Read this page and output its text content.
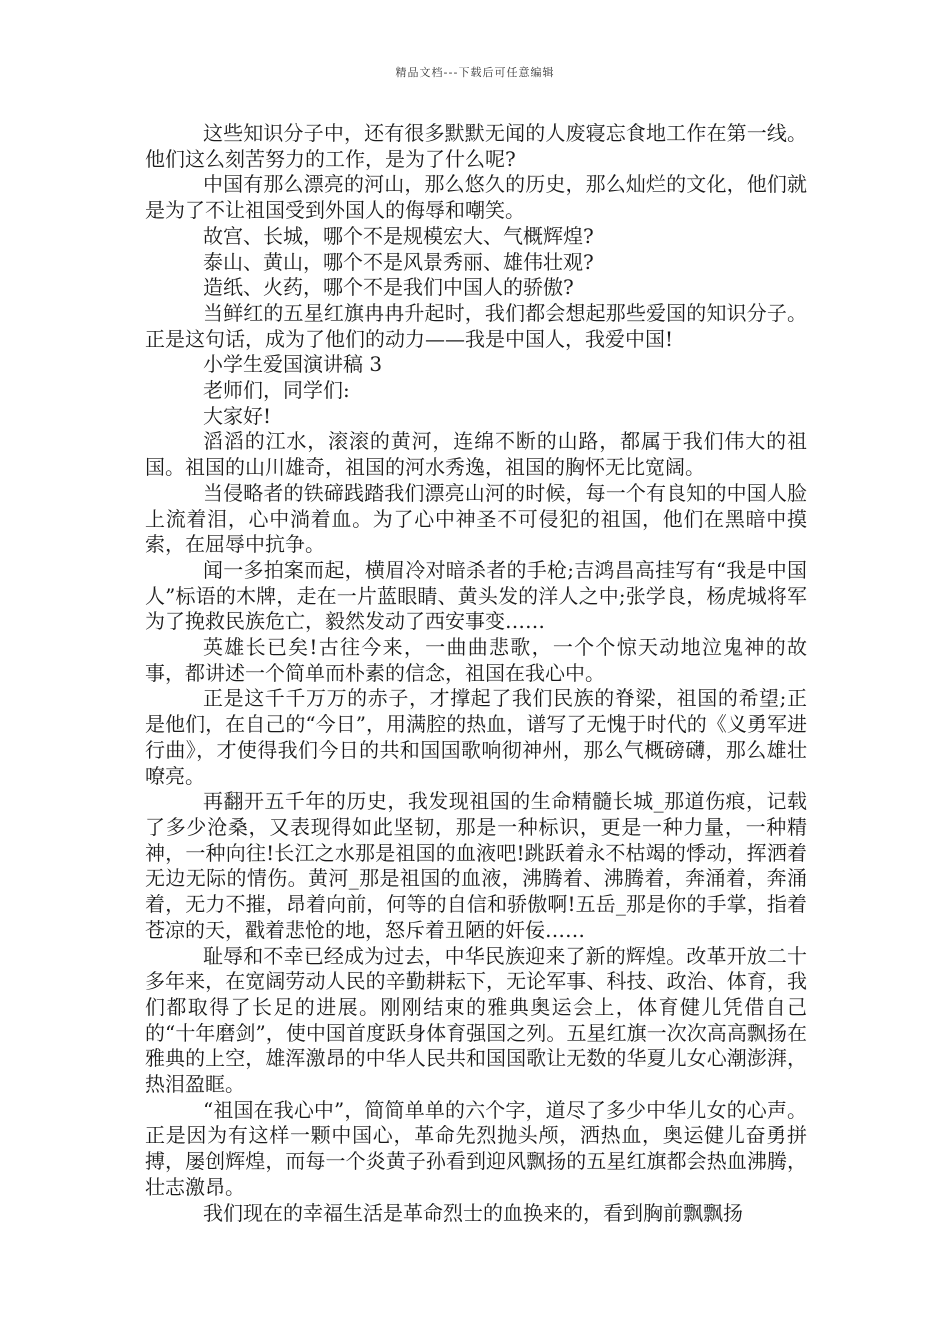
精品文档---下载后可任意编辑

这些知识分子中，还有很多默默无闻的人废寝忘食地工作在第一线。他们这么刻苦努力的工作，是为了什么呢?

中国有那么漂亮的河山，那么悠久的历史，那么灿烂的文化，他们就是为了不让祖国受到外国人的侮辱和嘲笑。

故宫、长城，哪个不是规模宏大、气概辉煌?

泰山、黄山，哪个不是风景秀丽、雄伟壮观?

造纸、火药，哪个不是我们中国人的骄傲?

当鲜红的五星红旗冉冉升起时，我们都会想起那些爱国的知识分子。正是这句话，成为了他们的动力——我是中国人，我爱中国!

小学生爱国演讲稿 3

老师们，同学们:

大家好!

滔滔的江水，滚滚的黄河，连绵不断的山路，都属于我们伟大的祖国。祖国的山川雄奇，祖国的河水秀逸，祖国的胸怀无比宽阔。

当侵略者的铁碲践踏我们漂亮山河的时候，每一个有良知的中国人脸上流着泪，心中淌着血。为了心中神圣不可侵犯的祖国，他们在黑暗中摸索，在屈辱中抗争。

闻一多拍案而起，横眉冷对暗杀者的手枪;吉鸿昌高挂写有“我是中国人”标语的木牌，走在一片蓝眼睛、黄头发的洋人之中;张学良，杨虎城将军为了挽救民族危亡，毅然发动了西安事变……

英雄长已矣!古往今来，一曲曲悲歌，一个个惊天动地泣鬼神的故事，都讲述一个简单而朴素的信念，祖国在我心中。

正是这千千万万的赤子，才撑起了我们民族的脊梁，祖国的希望;正是他们，在自己的“今日”，用满腔的热血，谱写了无愧于时代的《义勇军进行曲》，才使得我们今日的共和国国歌响彻神州，那么气概磅礴，那么雄壮嘹亮。

再翻开五千年的历史，我发现祖国的生命精髓长城_那道伤痕，记载了多少沧桑，又表现得如此坚韧，那是一种标识，更是一种力量，一种精神，一种向往!长江之水那是祖国的血液吧!跳跃着永不枯竭的悸动，挥洒着无边无际的情伤。黄河_那是祖国的血液，沸腾着、沸腾着，奔涌着，奔涌着，无力不摧，昂着向前，何等的自信和骄傲啊!五岳_那是你的手掌，指着苍凉的天，戳着悲怆的地，怒斥着丑陋的奸佞……

耻辱和不幸已经成为过去，中华民族迎来了新的辉煌。改革开放二十多年来，在宽阔劳动人民的辛勤耕耘下，无论军事、科技、政治、体育，我们都取得了长足的进展。刚刚结束的雅典奥运会上，体育健儿凭借自己的“十年磨剑”，使中国首度跃身体育强国之列。五星红旗一次次高高飘扬在雅典的上空，雄浑激昂的中华人民共和国国歌让无数的华夏儿女心潮澎湃，热泪盈眶。

“祖国在我心中”，简简单单的六个字，道尽了多少中华儿女的心声。正是因为有这样一颗中国心，革命先烈抛头颅，洒热血，奥运健儿奋勇拼搏，屡创辉煌，而每一个炎黄子孙看到迎风飘扬的五星红旗都会热血沸腾，壮志激昂。

我们现在的幸福生活是革命烈士的血换来的，看到胸前飘飘扬
